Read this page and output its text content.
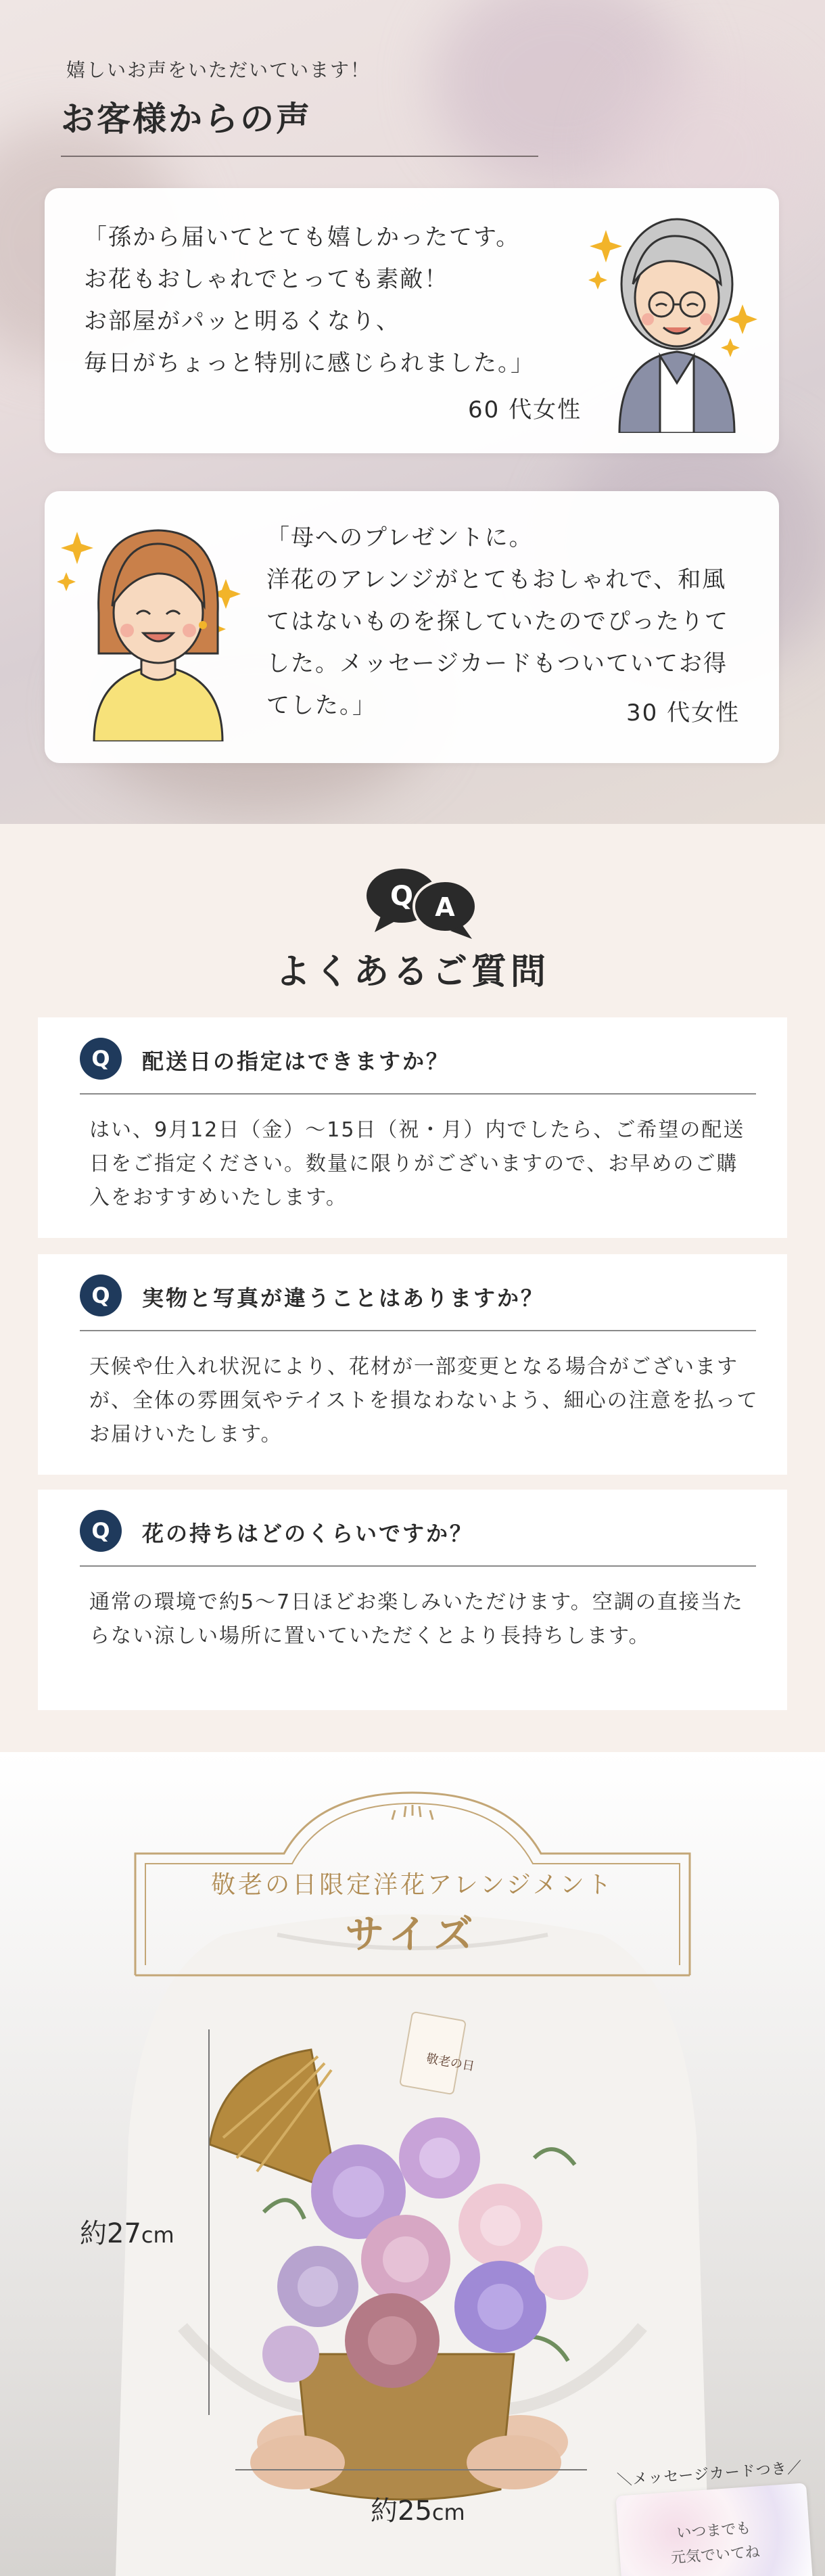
嬉しいお声をいただいています！
お客様からの声

「孫から届いてとても嬉しかったてす。
お花もおしゃれでとっても素敵！
お部屋がパッと明るくなり、
毎日がちょっと特別に感じられました。」

60 代女性

「母へのプレゼントに。
洋花のアレンジがとてもおしゃれで、和風
てはないものを探していたのでぴったりて
した。メッセージカードもついていてお得
てした。」	30 代女性
Q A
よくあるご質問
Q	配送日の指定はできますか？

はい、9月12日（金）〜15日（祝・月）内でしたら、ご希望の配送日をご指定ください。数量に限りがございますので、お早めのご購入をおすすめいたします。

Q	実物と写真が違うことはありますか？

天候や仕入れ状況により、花材が一部変更となる場合がございますが、全体の雰囲気やテイストを損なわないよう、細心の注意を払ってお届けいたします。

Q	花の持ちはどのくらいですか？

通常の環境で約5〜7日ほどお楽しみいただけます。空調の直接当たらない涼しい場所に置いていただくとより長持ちします。

敬老の日限定洋花アレンジメント
サイズ
敬老の日
約27cm
約25cm
＼メッセージカードつき／

いつまでも
元気でいてね
